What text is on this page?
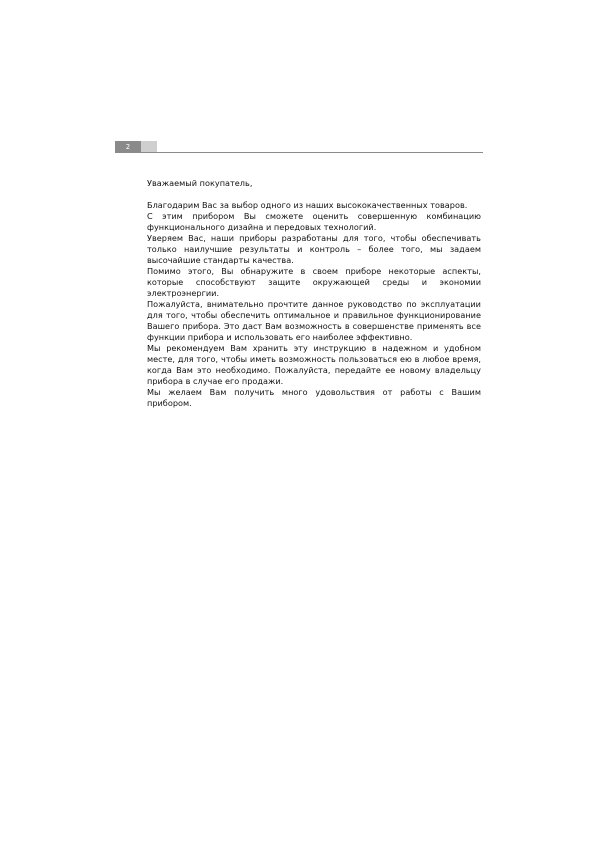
2

Уважаемый покупатель,

Благодарим Вас за выбор одного из наших высококачественных товаров.

С этим прибором Вы сможете оценить совершенную комбинацию функционального дизайна и передовых технологий.

Уверяем Вас, наши приборы разработаны для того, чтобы обеспечивать только наилучшие результаты и контроль – более того, мы задаем высочайшие стандарты качества.

Помимо этого, Вы обнаружите в своем приборе некоторые аспекты, которые способствуют защите окружающей среды и экономии электроэнергии.

Пожалуйста, внимательно прочтите данное руководство по эксплуатации для того, чтобы обеспечить оптимальное и правильное функционирование Вашего прибора. Это даст Вам возможность в совершенстве применять все функции прибора и использовать его наиболее эффективно.

Мы рекомендуем Вам хранить эту инструкцию в надежном и удобном месте, для того, чтобы иметь возможность пользоваться ею в любое время, когда Вам это необходимо. Пожалуйста, передайте ее новому владельцу прибора в случае его продажи.

Мы желаем Вам получить много удовольствия от работы с Вашим прибором.
